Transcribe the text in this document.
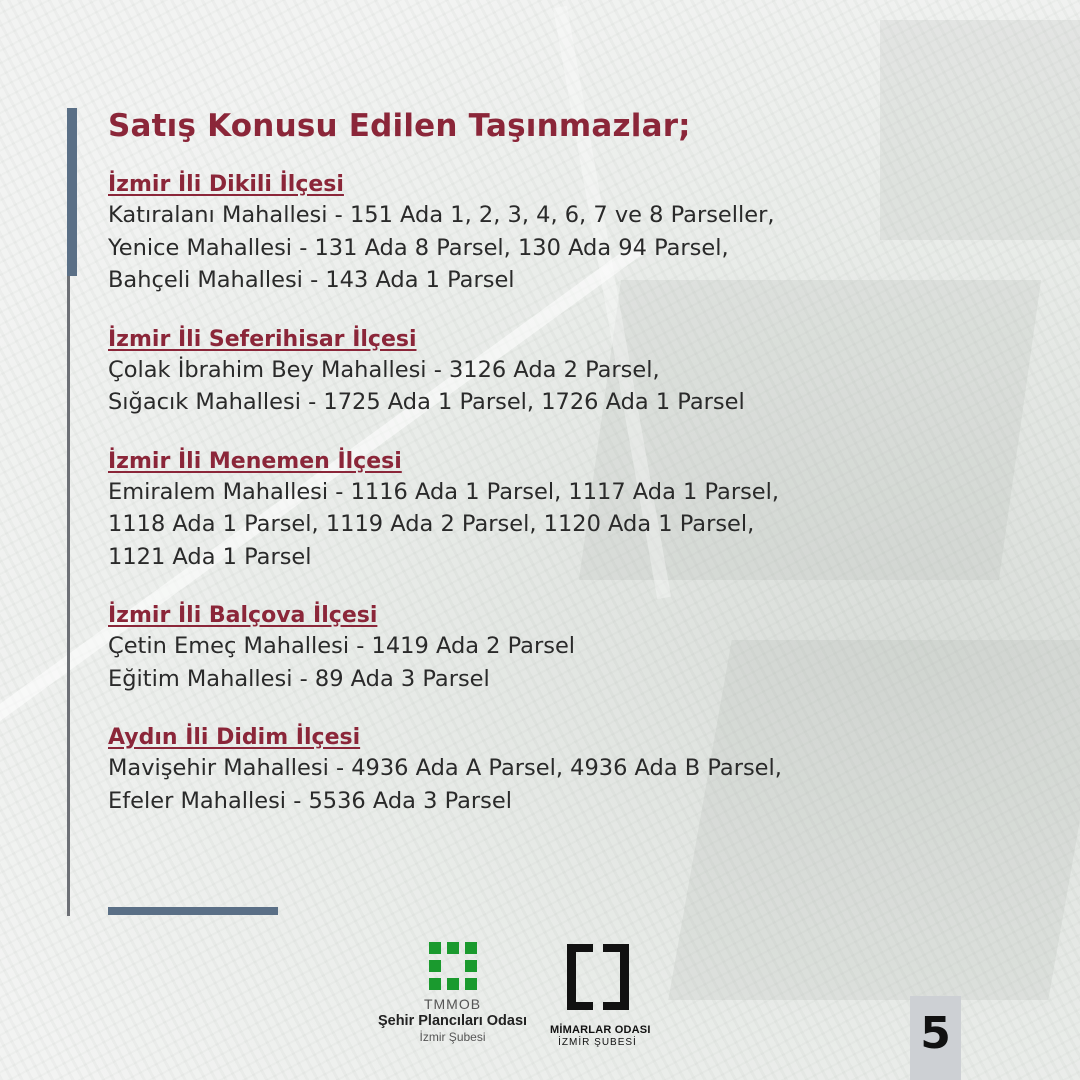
Satış Konusu Edilen Taşınmazlar;
İzmir İli Dikili İlçesi
Katıralanı Mahallesi - 151 Ada 1, 2, 3, 4, 6, 7 ve 8 Parseller,
Yenice Mahallesi - 131 Ada 8 Parsel, 130 Ada 94 Parsel,
Bahçeli Mahallesi - 143 Ada 1 Parsel
İzmir İli Seferihisar İlçesi
Çolak İbrahim Bey Mahallesi - 3126 Ada 2 Parsel,
Sığacık Mahallesi - 1725 Ada 1 Parsel, 1726 Ada 1 Parsel
İzmir İli Menemen İlçesi
Emiralem Mahallesi - 1116 Ada 1 Parsel, 1117 Ada 1 Parsel,
1118 Ada 1 Parsel, 1119 Ada 2 Parsel, 1120 Ada 1 Parsel,
1121 Ada 1 Parsel
İzmir İli Balçova İlçesi
Çetin Emeç Mahallesi - 1419 Ada 2 Parsel
Eğitim Mahallesi - 89 Ada 3 Parsel
Aydın İli Didim İlçesi
Mavişehir Mahallesi - 4936 Ada A Parsel, 4936 Ada B Parsel,
Efeler Mahallesi - 5536 Ada 3 Parsel
TMMOB
Şehir Plancıları Odası
İzmir Şubesi	MİMARLAR ODASI
İZMİR ŞUBESİ	5
